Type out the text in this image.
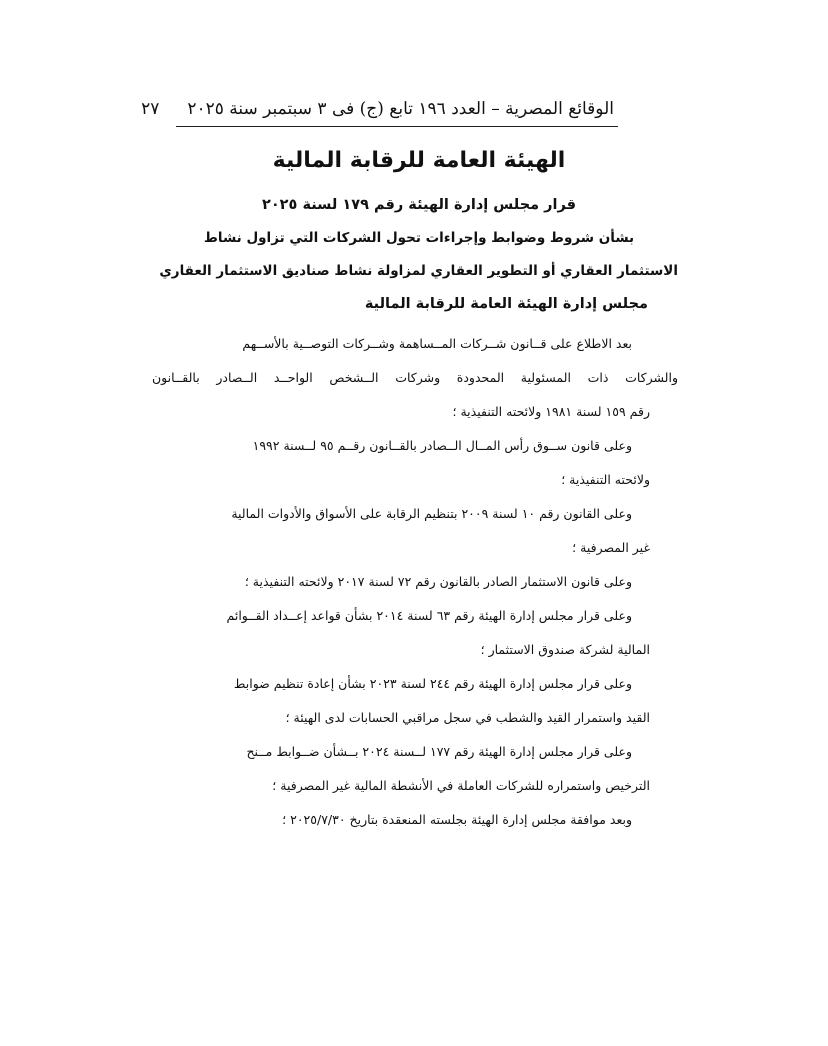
الوقائع المصرية – العدد ١٩٦ تابع (ج) فى ٣ سبتمبر سنة ٢٠٢٥
٢٧
الهيئة العامة للرقابة المالية
قرار مجلس إدارة الهيئة رقم ١٧٩ لسنة ٢٠٢٥
بشأن شروط وضوابط وإجراءات تحول الشركات التي تزاول نشاط
الاستثمار العقاري أو التطوير العقاري لمزاولة نشاط صناديق الاستثمار العقاري
مجلس إدارة الهيئة العامة للرقابة المالية
بعد الاطلاع على قــانون شــركات المــساهمة وشــركات التوصــية بالأســهم
والشركات ذات المسئولية المحدودة وشركات الــشخص الواحــد الــصادر بالقــانون
رقم ١٥٩ لسنة ١٩٨١ ولائحته التنفيذية ؛
وعلى قانون ســوق رأس المــال الــصادر بالقــانون رقــم ٩٥ لــسنة ١٩٩٢
ولائحته التنفيذية ؛
وعلى القانون رقم ١٠ لسنة ٢٠٠٩ بتنظيم الرقابة على الأسواق والأدوات المالية
غير المصرفية ؛
وعلى قانون الاستثمار الصادر بالقانون رقم ٧٢ لسنة ٢٠١٧ ولائحته التنفيذية ؛
وعلى قرار مجلس إدارة الهيئة رقم ٦٣ لسنة ٢٠١٤ بشأن قواعد إعــداد القــوائم
المالية لشركة صندوق الاستثمار ؛
وعلى قرار مجلس إدارة الهيئة رقم ٢٤٤ لسنة ٢٠٢٣ بشأن إعادة تنظيم ضوابط
القيد واستمرار القيد والشطب في سجل مراقبي الحسابات لدى الهيئة ؛
وعلى قرار مجلس إدارة الهيئة رقم ١٧٧ لــسنة ٢٠٢٤ بــشأن ضــوابط مــنح
الترخيص واستمراره للشركات العاملة في الأنشطة المالية غير المصرفية ؛
وبعد موافقة مجلس إدارة الهيئة بجلسته المنعقدة بتاريخ ٢٠٢٥/٧/٣٠ ؛
